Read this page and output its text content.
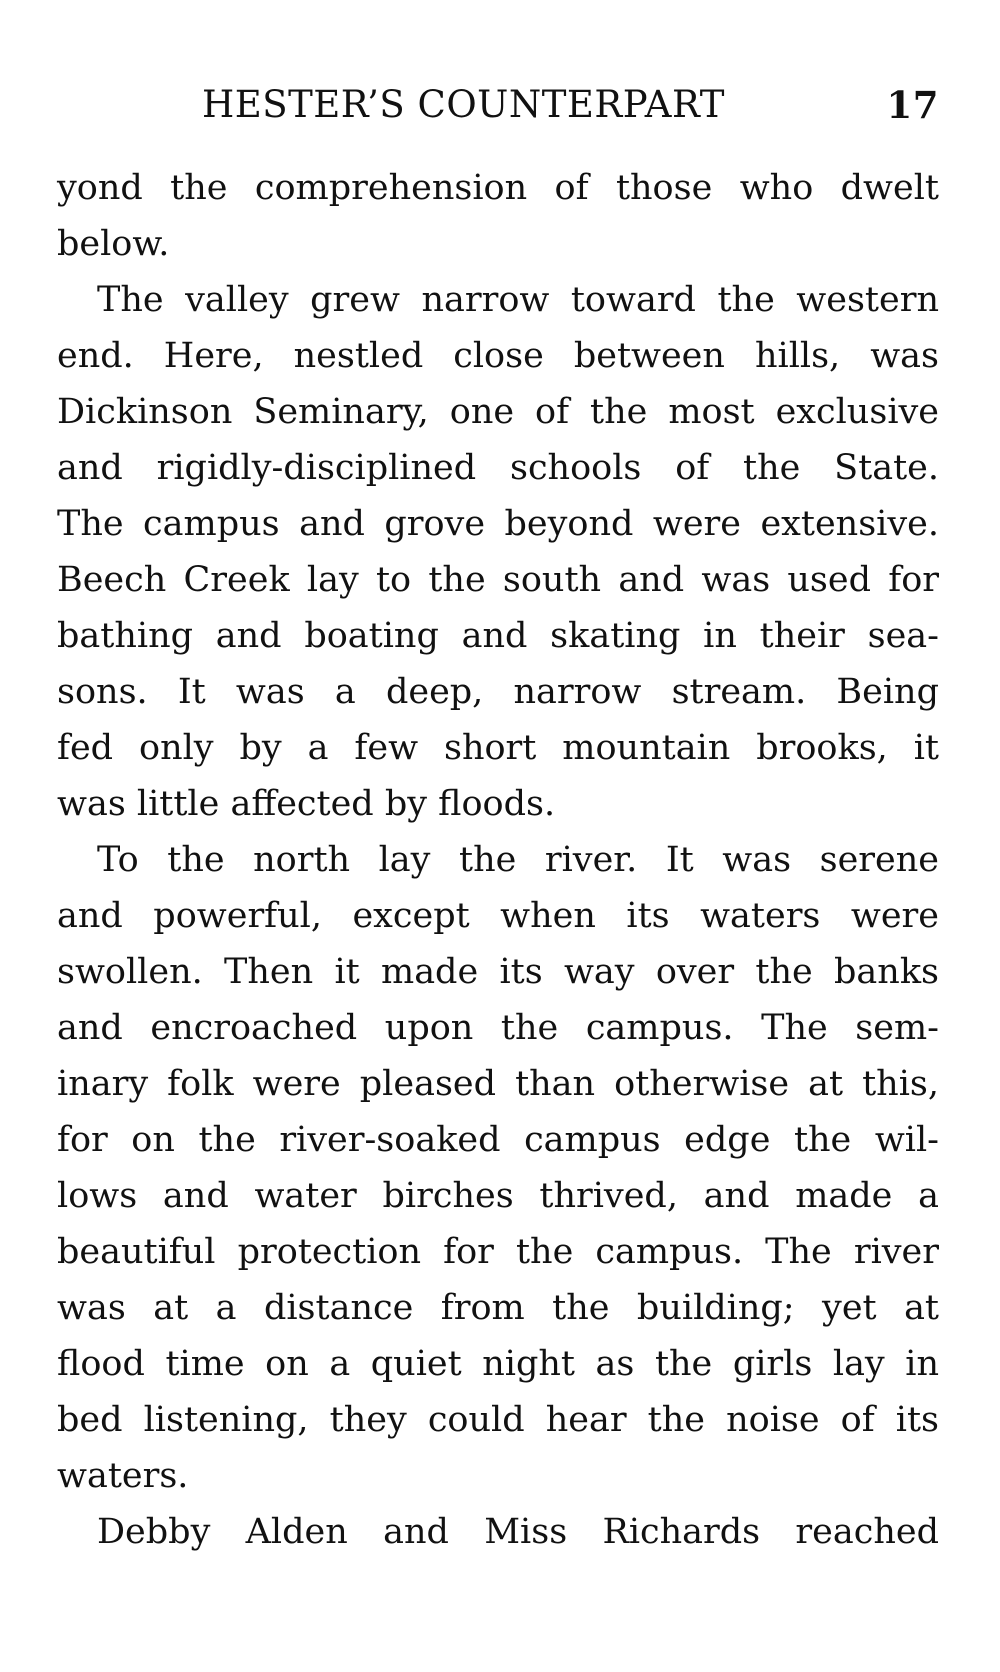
HESTER’S COUNTERPART	17
yond the comprehension of those who dwelt
below.
The valley grew narrow toward the western
end. Here, nestled close between hills, was
Dickinson Seminary, one of the most exclusive
and rigidly-disciplined schools of the State.
The campus and grove beyond were extensive.
Beech Creek lay to the south and was used for
bathing and boating and skating in their sea-
sons. It was a deep, narrow stream. Being
fed only by a few short mountain brooks, it
was little affected by floods.
To the north lay the river. It was serene
and powerful, except when its waters were
swollen. Then it made its way over the banks
and encroached upon the campus. The sem-
inary folk were pleased than otherwise at this,
for on the river-soaked campus edge the wil-
lows and water birches thrived, and made a
beautiful protection for the campus. The river
was at a distance from the building; yet at
flood time on a quiet night as the girls lay in
bed listening, they could hear the noise of its
waters.
Debby Alden and Miss Richards reached
